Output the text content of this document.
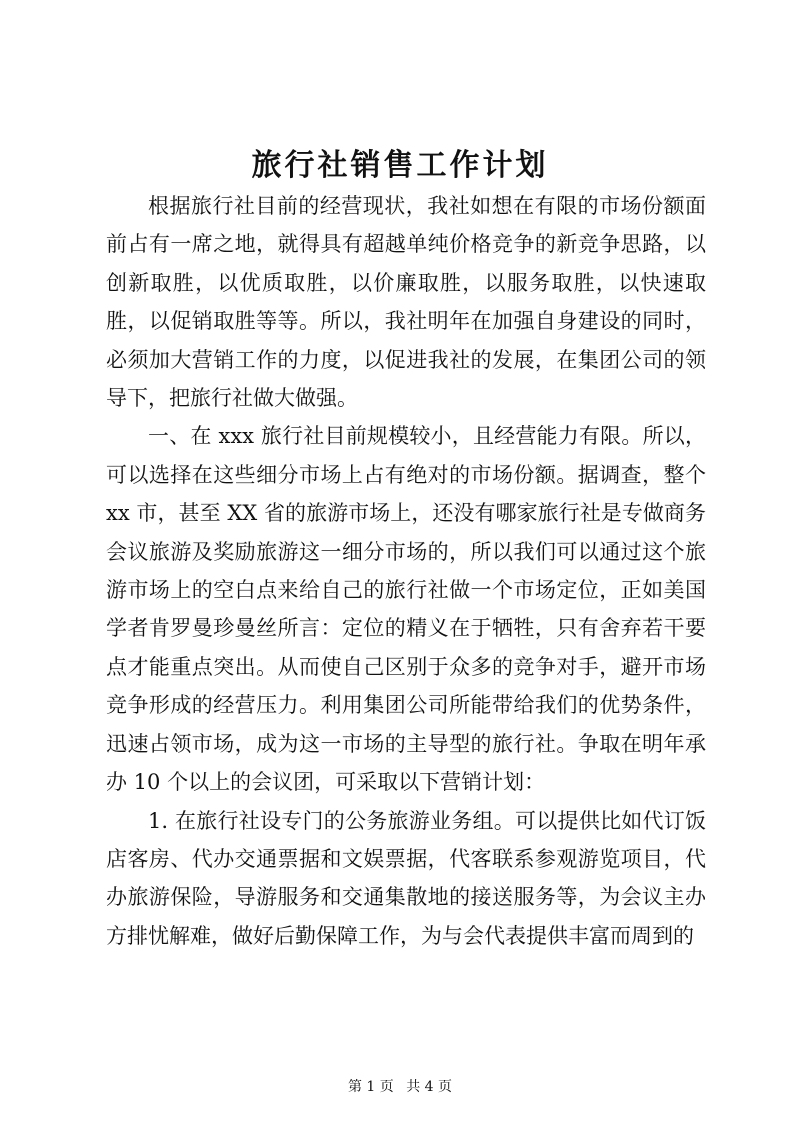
旅行社销售工作计划

根据旅行社目前的经营现状，我社如想在有限的市场份额面前占有一席之地，就得具有超越单纯价格竞争的新竞争思路，以创新取胜，以优质取胜，以价廉取胜，以服务取胜，以快速取胜，以促销取胜等等。所以，我社明年在加强自身建设的同时，必须加大营销工作的力度，以促进我社的发展，在集团公司的领导下，把旅行社做大做强。

一、在 xxx 旅行社目前规模较小，且经营能力有限。所以，可以选择在这些细分市场上占有绝对的市场份额。据调查，整个 xx 市，甚至 XX 省的旅游市场上，还没有哪家旅行社是专做商务会议旅游及奖励旅游这一细分市场的，所以我们可以通过这个旅游市场上的空白点来给自己的旅行社做一个市场定位，正如美国学者肯罗曼珍曼丝所言：定位的精义在于牺牲，只有舍弃若干要点才能重点突出。从而使自己区别于众多的竞争对手，避开市场竞争形成的经营压力。利用集团公司所能带给我们的优势条件，迅速占领市场，成为这一市场的主导型的旅行社。争取在明年承办 10 个以上的会议团，可采取以下营销计划：

1. 在旅行社设专门的公务旅游业务组。可以提供比如代订饭店客房、代办交通票据和文娱票据，代客联系参观游览项目，代办旅游保险，导游服务和交通集散地的接送服务等，为会议主办方排忧解难，做好后勤保障工作，为与会代表提供丰富而周到的

第 1 页 共 4 页
